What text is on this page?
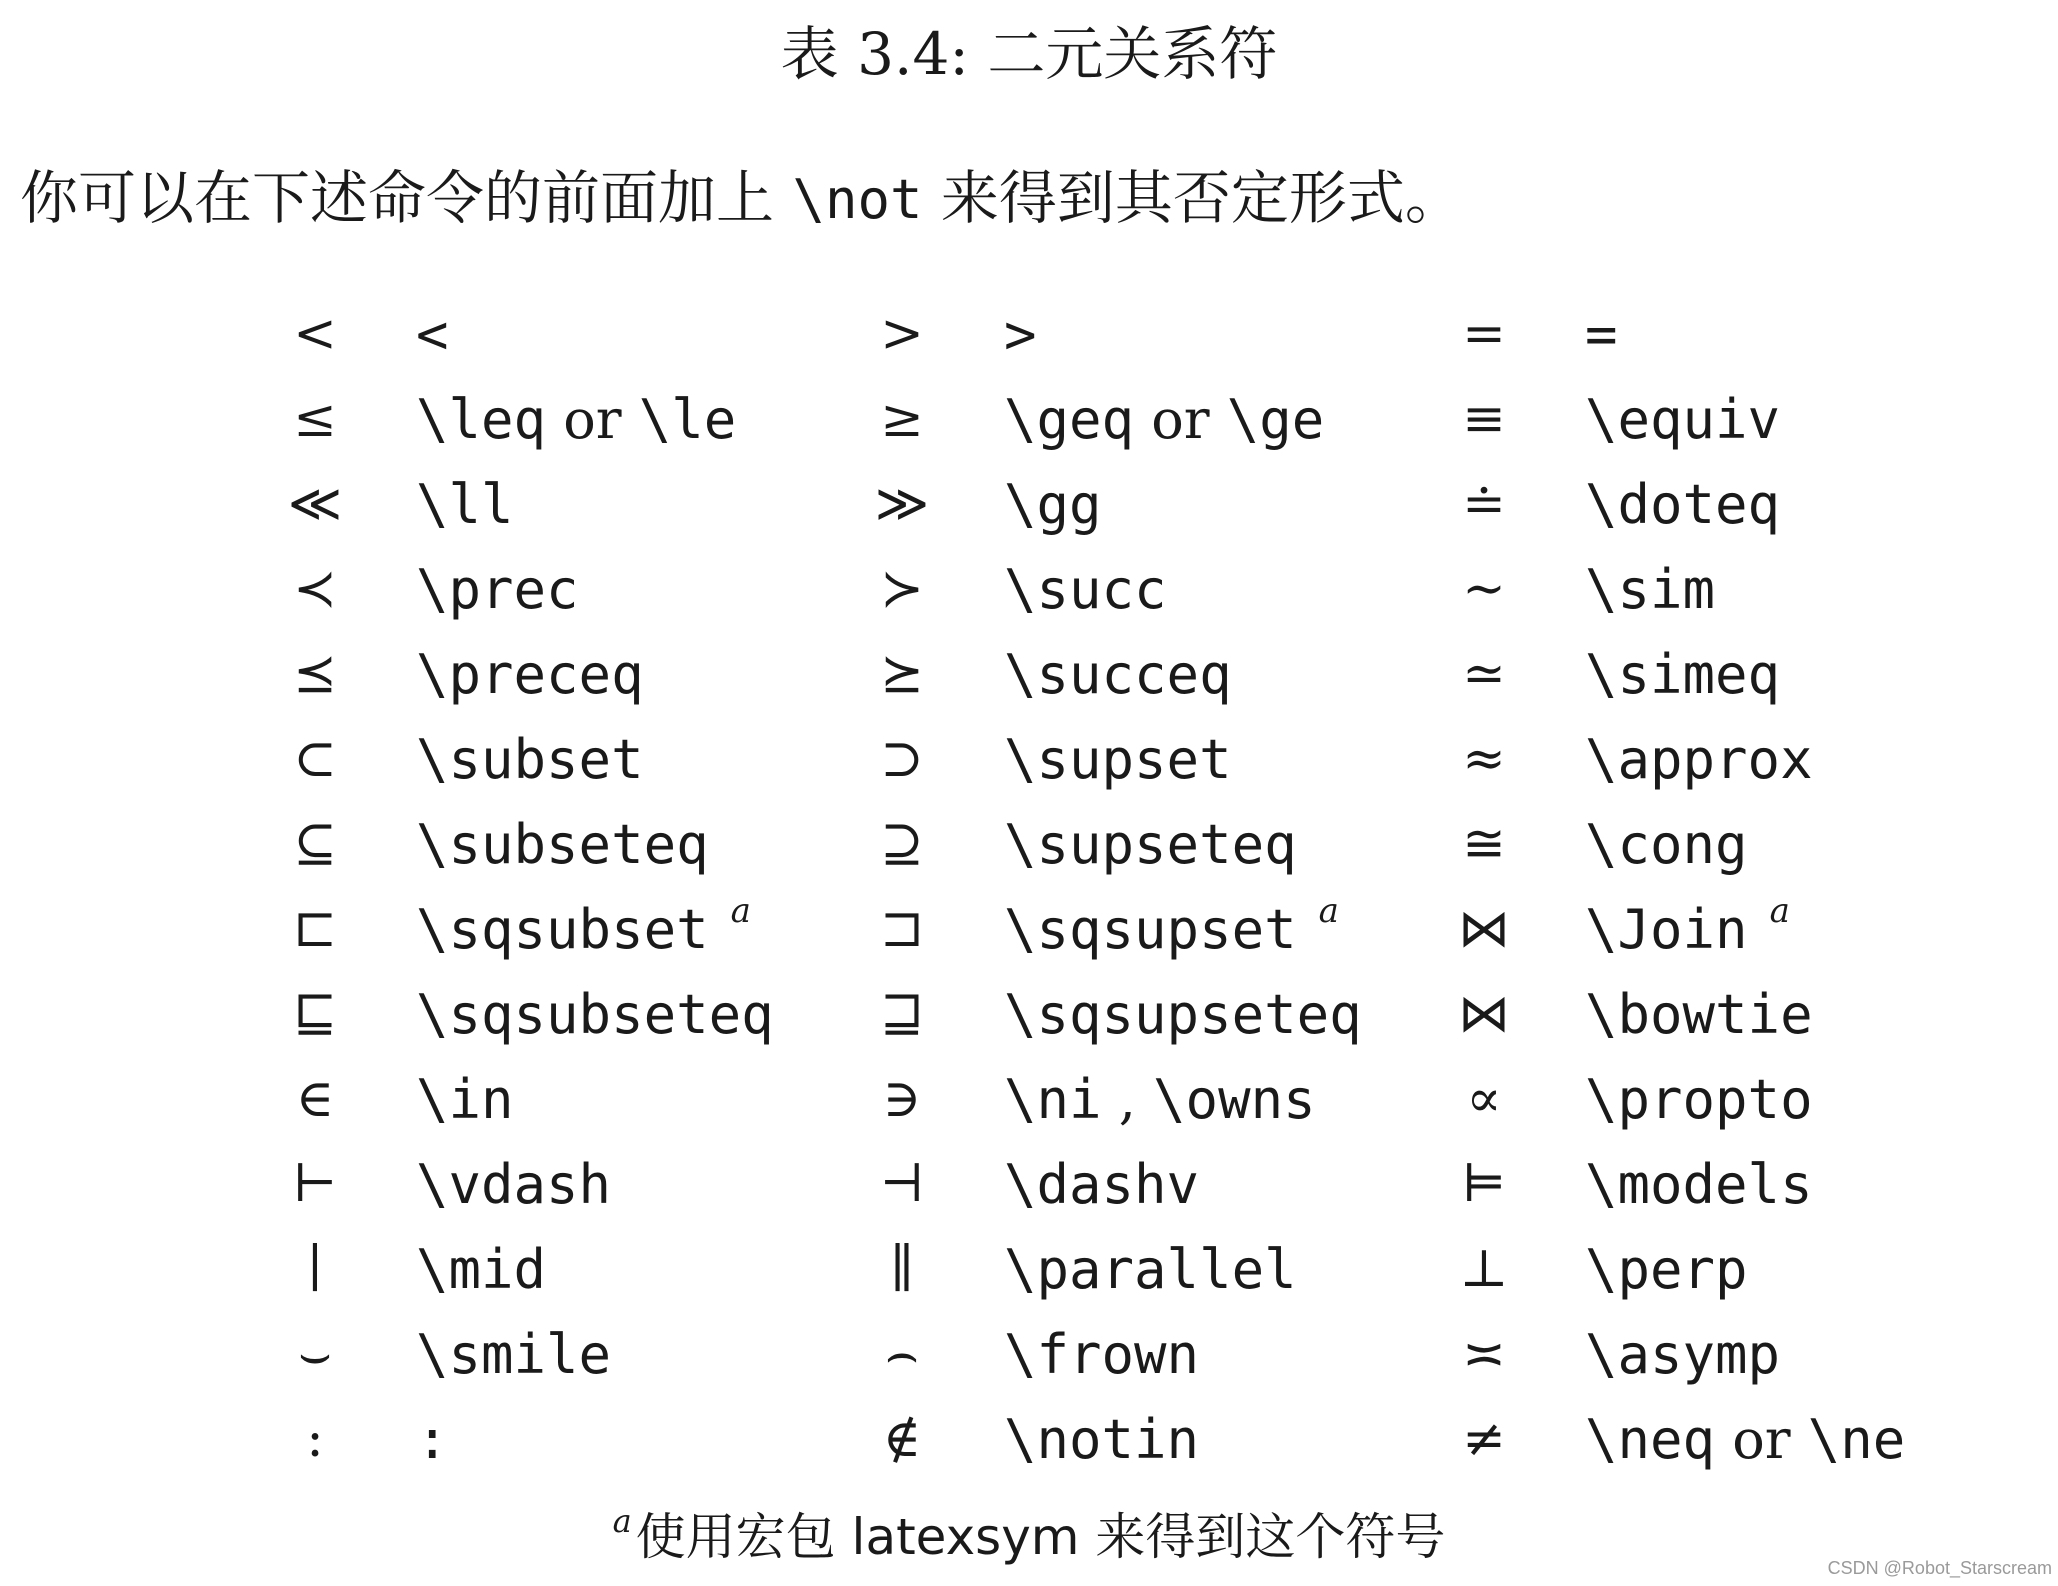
表 3.4: 二元关系符
你可以在下述命令的前面加上 \not 来得到其否定形式。
<	<	>	>	=	=
≤	\leq or \le	≥	\geq or \ge	≡	\equiv
≪	\ll	≫	\gg	≐	\doteq
≺	\prec	≻	\succ	∼	\sim
⪯	\preceq	⪰	\succeq	≃	\simeq
⊂	\subset	⊃	\supset	≈	\approx
⊆	\subseteq	⊇	\supseteq	≅	\cong
⊏	\sqsubset $^a$	⊐	\sqsupset $^a$	⋈	\Join $^a$
⊑	\sqsubseteq	⊒	\sqsupseteq	⋈	\bowtie
∈	\in	∋	\ni , \owns	∝	\propto
⊢	\vdash	⊣	\dashv	⊨	\models
∣	\mid	∥	\parallel	⊥	\perp
⌣	\smile	⌢	\frown	≍	\asymp
:	:	∉	\notin	≠	\neq or \ne
$^a$使用宏包 latexsym 来得到这个符号
CSDN @Robot_Starscream
